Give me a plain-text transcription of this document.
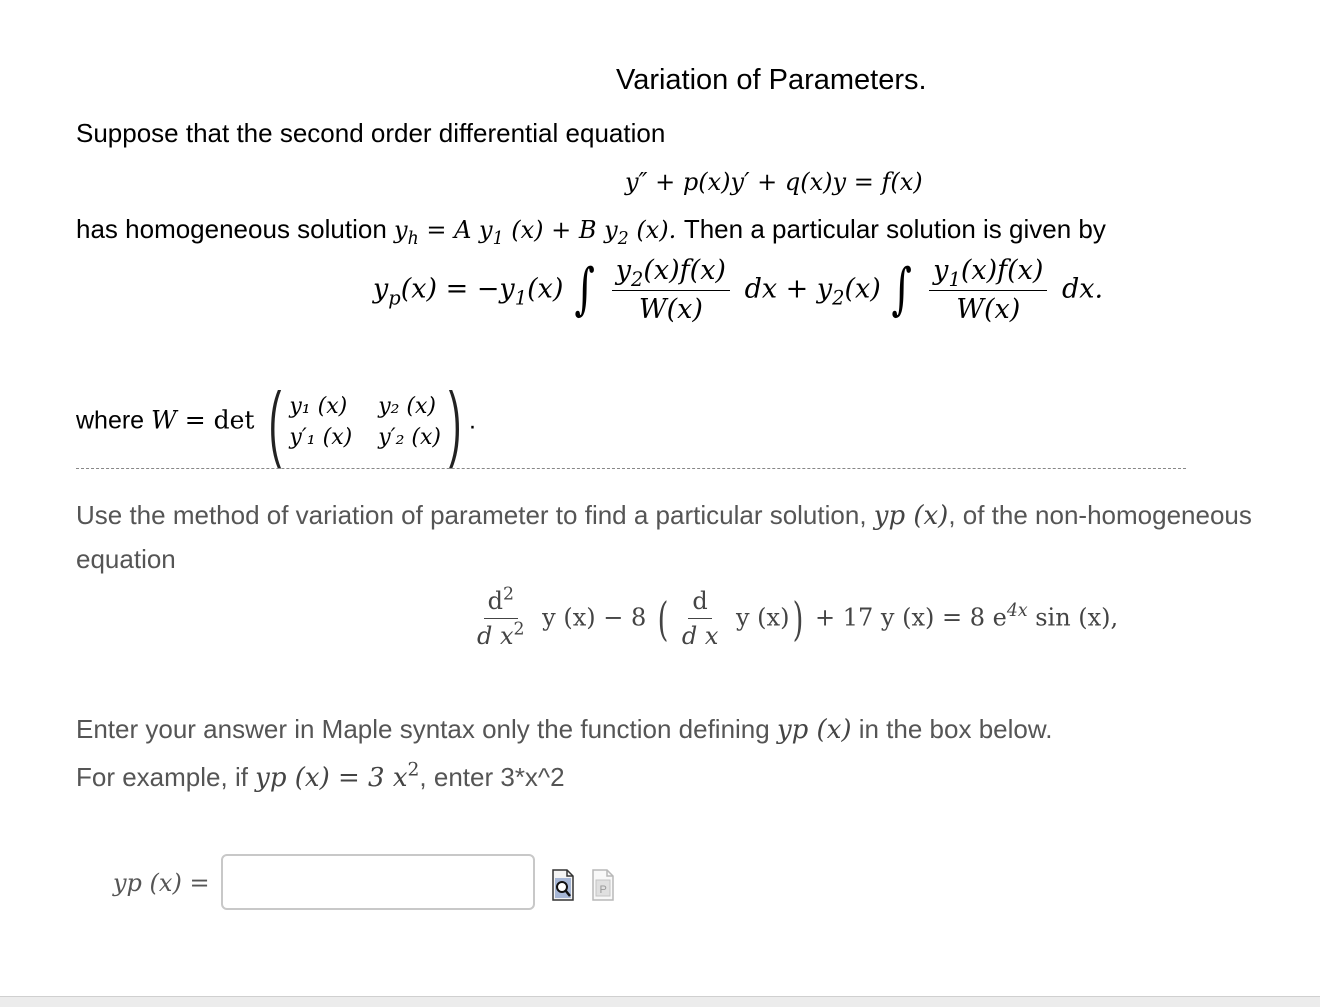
Variation of Parameters.
Suppose that the second order differential equation
y″ + p(x)y′ + q(x)y = f(x)
has homogeneous solution $y_h = A$ $y_1$ (x) + B $y_2$ (x). Then a particular solution is given by
$y_p(x) = -y_1(x)$ ∫ $\frac{y_2(x)f(x)}{W(x)}$ dx + $y_2(x)$ ∫ $\frac{y_1(x)f(x)}{W(x)}$ dx.
where W = det ( y₁ (x) y₂ (x)
y′₁ (x) y′₂ (x) ) .
Use the method of variation of parameter to find a particular solution, yp (x), of the non-homogeneous
equation
$\frac{d^2}{d x^2}$ y (x) − 8 ( $\frac{d}{\text{d x}}$ y (x)) + 17 y (x) = 8 $e^{4x}$ sin (x),
Enter your answer in Maple syntax only the function defining yp (x) in the box below.
For example, if yp (x) = 3 $x^2$, enter 3*x^2
yp (x) =	P
